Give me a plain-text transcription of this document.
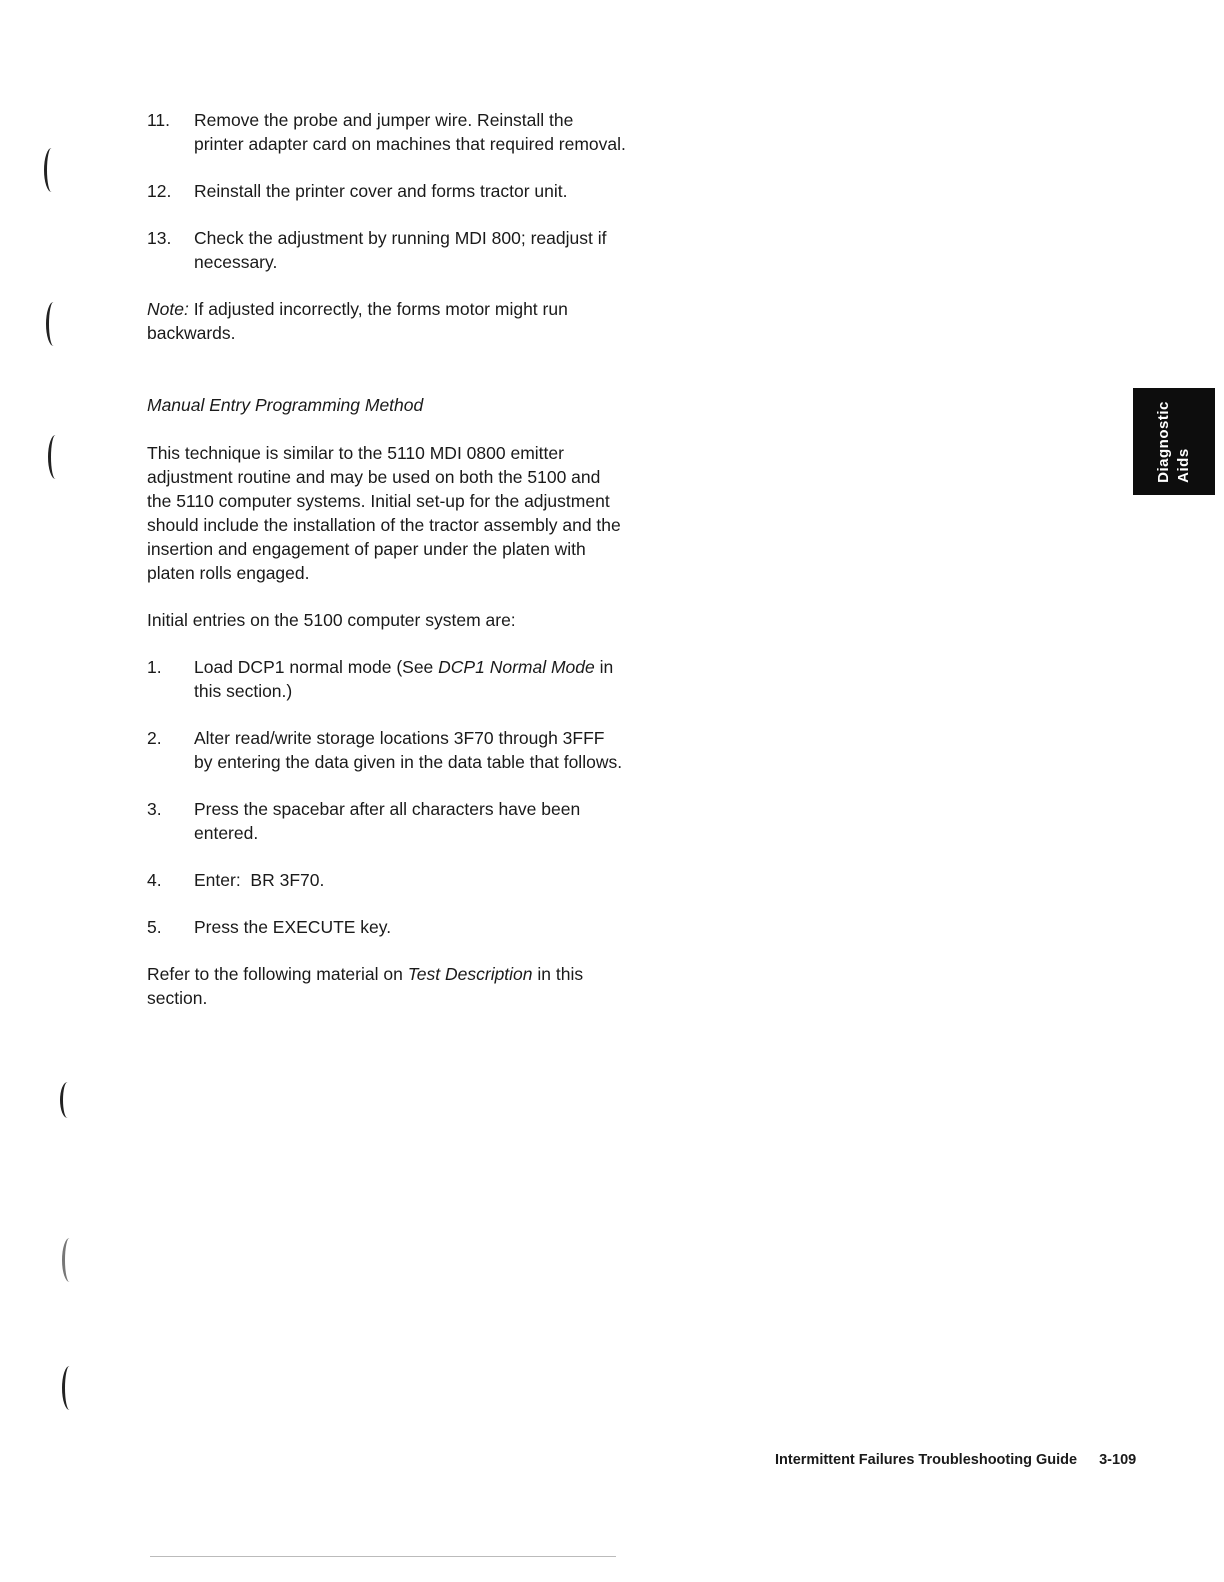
11. Remove the probe and jumper wire. Reinstall the printer adapter card on machines that required removal.
12. Reinstall the printer cover and forms tractor unit.
13. Check the adjustment by running MDI 800; readjust if necessary.
Note: If adjusted incorrectly, the forms motor might run backwards.
Manual Entry Programming Method
This technique is similar to the 5110 MDI 0800 emitter adjustment routine and may be used on both the 5100 and the 5110 computer systems. Initial set-up for the adjustment should include the installation of the tractor assembly and the insertion and engagement of paper under the platen with platen rolls engaged.
Initial entries on the 5100 computer system are:
1. Load DCP1 normal mode (See DCP1 Normal Mode in this section.)
2. Alter read/write storage locations 3F70 through 3FFF by entering the data given in the data table that follows.
3. Press the spacebar after all characters have been entered.
4. Enter:  BR 3F70.
5. Press the EXECUTE key.
Refer to the following material on Test Description in this section.
Diagnostic Aids
Intermittent Failures Troubleshooting Guide 3-109
